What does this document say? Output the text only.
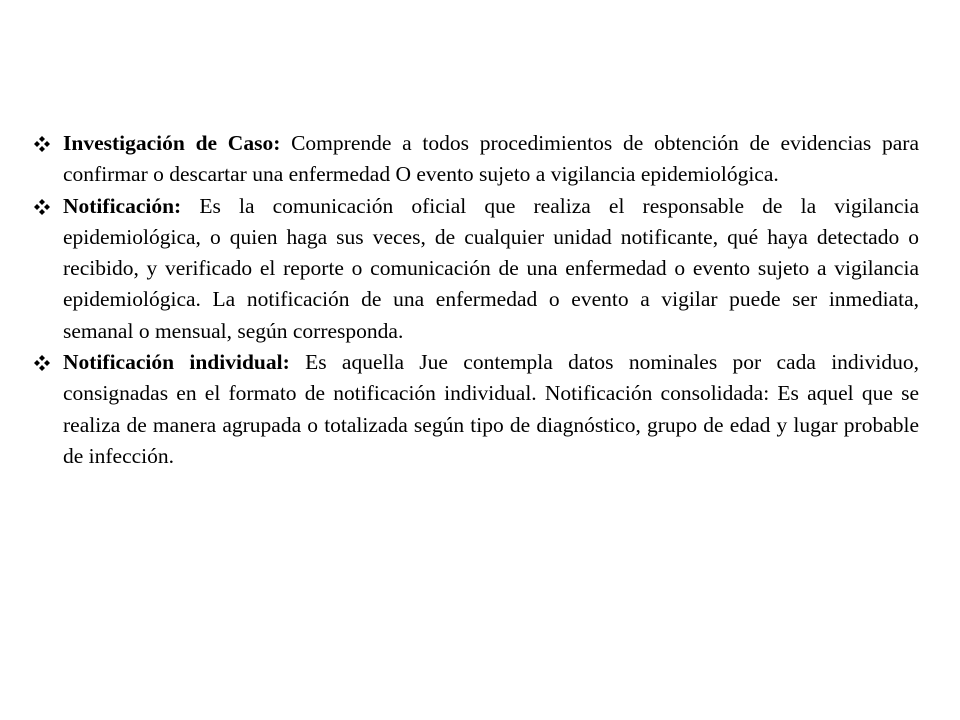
Investigación de Caso: Comprende a todos procedimientos de obtención de evidencias para confirmar o descartar una enfermedad O evento sujeto a vigilancia epidemiológica.
Notificación: Es la comunicación oficial que realiza el responsable de la vigilancia epidemiológica, o quien haga sus veces, de cualquier unidad notificante, qué haya detectado o recibido, y verificado el reporte o comunicación de una enfermedad o evento sujeto a vigilancia epidemiológica. La notificación de una enfermedad o evento a vigilar puede ser inmediata, semanal o mensual, según corresponda.
Notificación individual: Es aquella Jue contempla datos nominales por cada individuo, consignadas en el formato de notificación individual. Notificación consolidada: Es aquel que se realiza de manera agrupada o totalizada según tipo de diagnóstico, grupo de edad y lugar probable de infección.
